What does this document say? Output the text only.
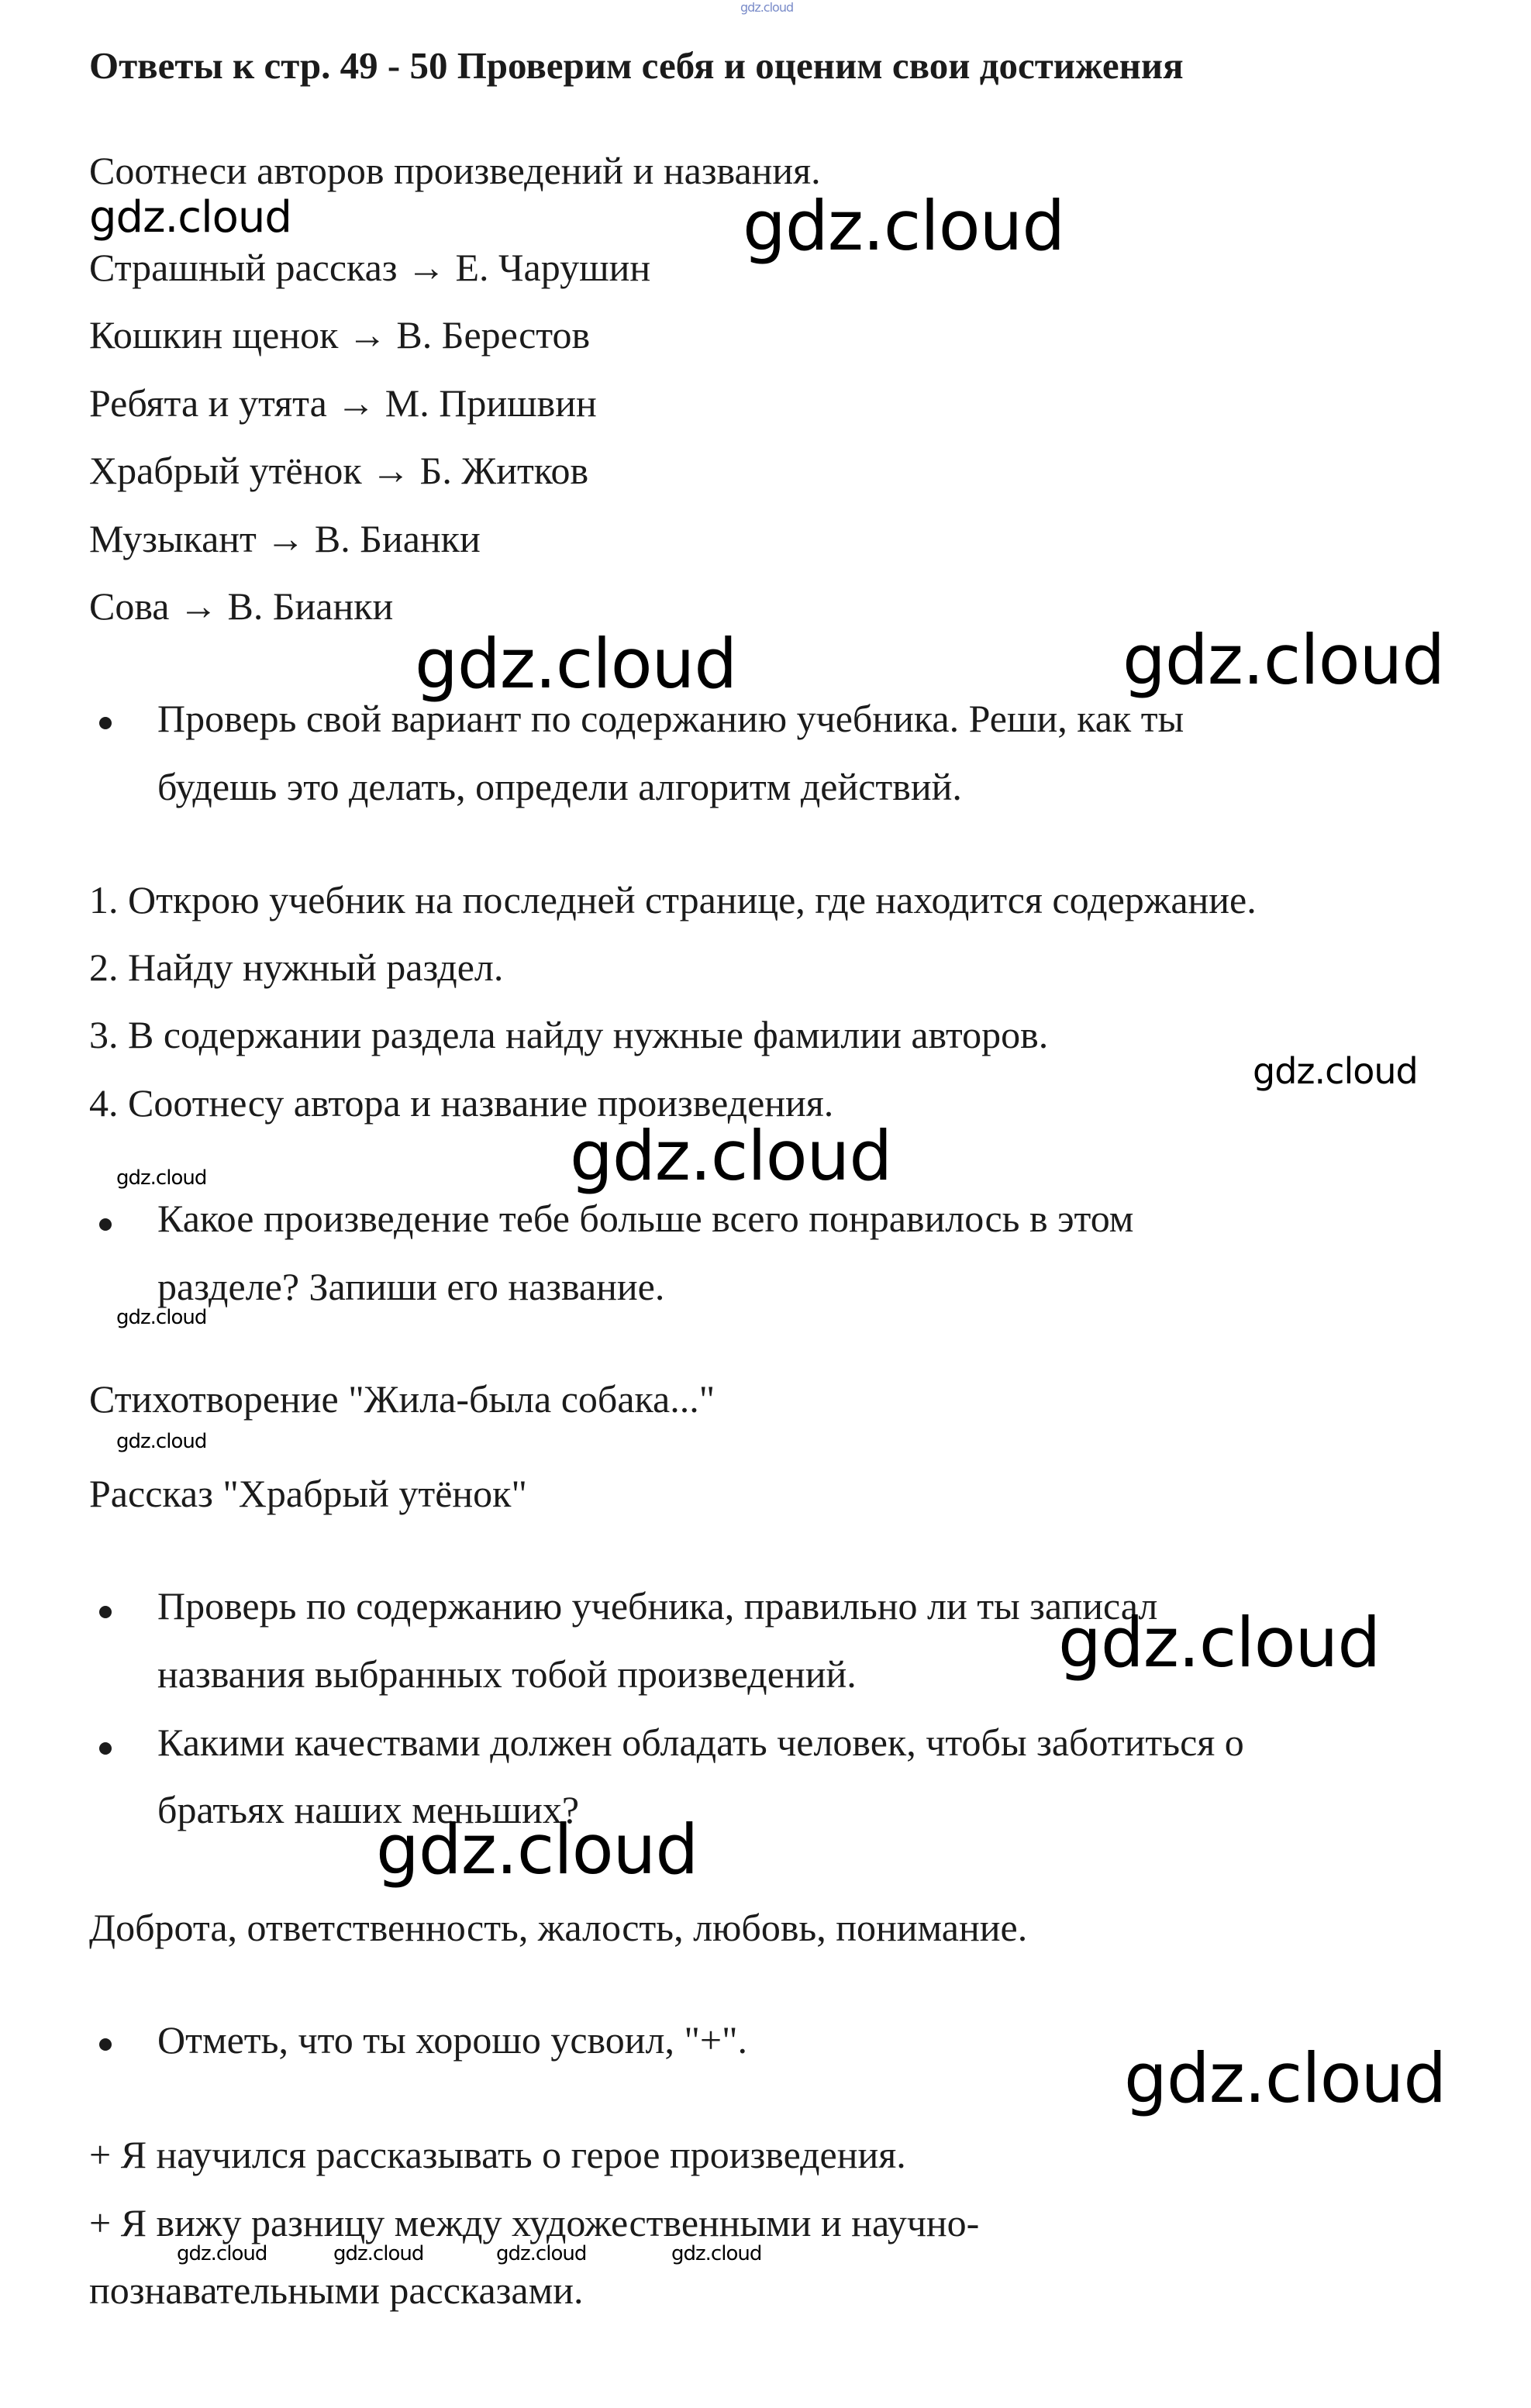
gdz.cloud
Ответы к стр. 49 - 50 Проверим себя и оценим свои достижения
Соотнеси авторов произведений и названия.
Страшный рассказ → Е. Чарушин
Кошкин щенок → В. Берестов
Ребята и утята → М. Пришвин
Храбрый утёнок → Б. Житков
Музыкант → В. Бианки
Сова → В. Бианки
Проверь свой вариант по содержанию учебника. Реши, как ты
будешь это делать, определи алгоритм действий.
1. Открою учебник на последней странице, где находится содержание.
2. Найду нужный раздел.
3. В содержании раздела найду нужные фамилии авторов.
4. Соотнесу автора и название произведения.
Какое произведение тебе больше всего понравилось в этом
разделе? Запиши его название.
Стихотворение "Жила-была собака..."
Рассказ "Храбрый утёнок"
Проверь по содержанию учебника, правильно ли ты записал
названия выбранных тобой произведений.
Какими качествами должен обладать человек, чтобы заботиться о
братьях наших меньших?
Доброта, ответственность, жалость, любовь, понимание.
Отметь, что ты хорошо усвоил, "+".
+ Я научился рассказывать о герое произведения.
+ Я вижу разницу между художественными и научно-
познавательными рассказами.
gdz.cloud	gdz.cloud
gdz.cloud	gdz.cloud
gdz.cloud
gdz.cloud
gdz.cloud
gdz.cloud
gdz.cloud
gdz.cloud
gdz.cloud
gdz.cloud
gdz.cloud	gdz.cloud	gdz.cloud	gdz.cloud
